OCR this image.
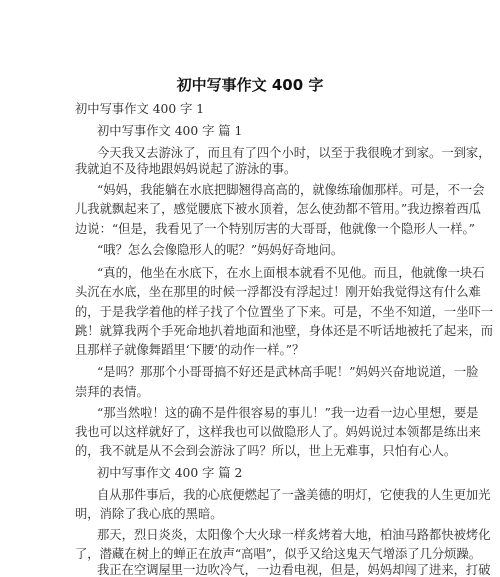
初中写事作文 400 字
初中写事作文 400 字 1
初中写事作文 400 字 篇 1
今天我又去游泳了，而且有了四个小时，以至于我很晚才到家。一到家，
我就迫不及待地跟妈妈说起了游泳的事。
“妈妈，我能躺在水底把脚翘得高高的，就像练瑜伽那样。可是，不一会
儿我就飘起来了，感觉腰底下被水顶着，怎么使劲都不管用。”我边擦着西瓜
边说：“但是，我看见了一个特别厉害的大哥哥，他就像一个隐形人一样。”
“哦？怎么会像隐形人的呢？”妈妈好奇地问。
“真的，他坐在水底下，在水上面根本就看不见他。而且，他就像一块石
头沉在水底，坐在那里的时候一浮都没有浮起过！刚开始我觉得这有什么难
的，于是我学着他的样子找了个位置坐了下来。可是，不坐不知道，一坐吓一
跳！就算我两个手死命地扒着地面和池壁，身体还是不听话地被托了起来，而
且那样子就像舞蹈里‘下腰’的动作一样。”？
“是吗？那那个小哥哥搞不好还是武林高手呢！”妈妈兴奋地说道，一脸
崇拜的表情。
“那当然啦！这的确不是件很容易的事儿！”我一边看一边心里想，要是
我也可以这样就好了，这样我也可以做隐形人了。妈妈说过本领都是练出来
的，我不就是从不会到会游泳了吗？所以，世上无难事，只怕有心人。
初中写事作文 400 字 篇 2
自从那件事后，我的心底便燃起了一盏美德的明灯，它使我的人生更加光
明，消除了我心底的黑暗。
那天，烈日炎炎，太阳像个大火球一样炙烤着大地，柏油马路都快被烤化
了，潜藏在树上的蝉正在放声“高唱”，似乎又给这鬼天气增添了几分烦躁。
我正在空调屋里一边吹冷气，一边看电视，但是，妈妈却闯了进来，打破
